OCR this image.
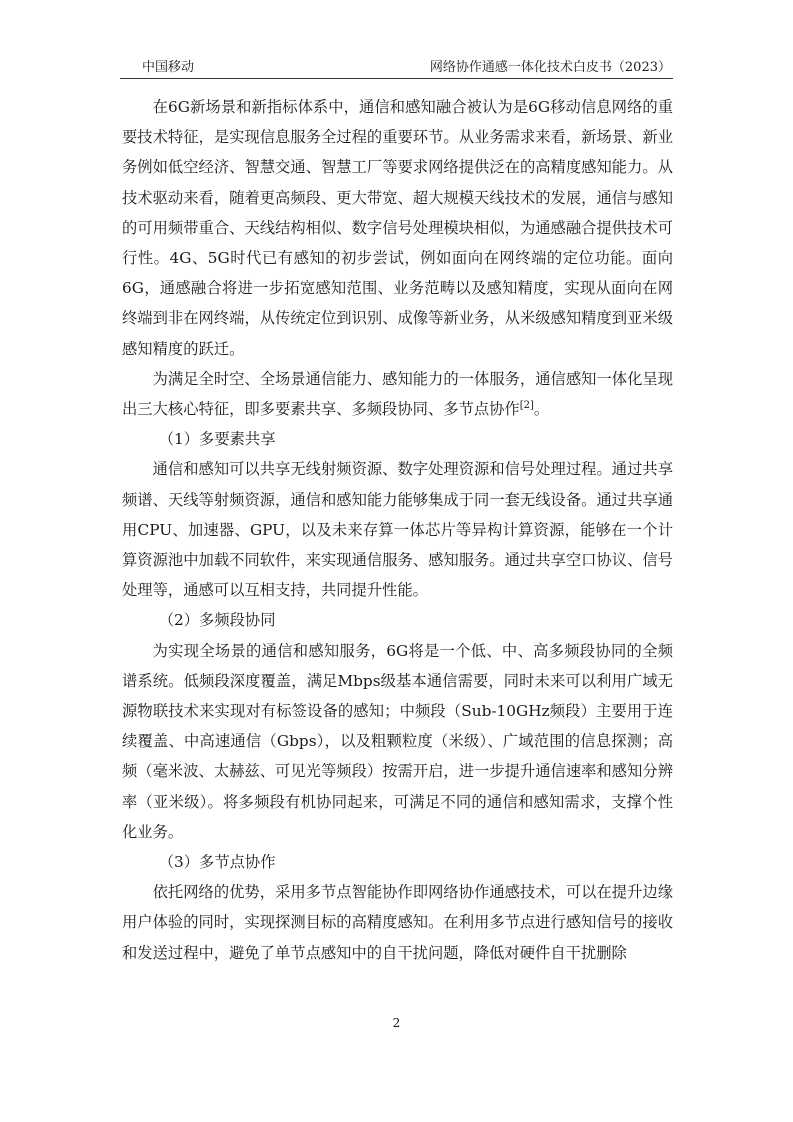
中国移动	网络协作通感一体化技术白皮书（2023）

在6G新场景和新指标体系中，通信和感知融合被认为是6G移动信息网络的重要技术特征，是实现信息服务全过程的重要环节。从业务需求来看，新场景、新业务例如低空经济、智慧交通、智慧工厂等要求网络提供泛在的高精度感知能力。从技术驱动来看，随着更高频段、更大带宽、超大规模天线技术的发展，通信与感知的可用频带重合、天线结构相似、数字信号处理模块相似，为通感融合提供技术可行性。4G、5G时代已有感知的初步尝试，例如面向在网终端的定位功能。面向6G，通感融合将进一步拓宽感知范围、业务范畴以及感知精度，实现从面向在网终端到非在网终端，从传统定位到识别、成像等新业务，从米级感知精度到亚米级感知精度的跃迁。

为满足全时空、全场景通信能力、感知能力的一体服务，通信感知一体化呈现出三大核心特征，即多要素共享、多频段协同、多节点协作[2]。

（1）多要素共享

通信和感知可以共享无线射频资源、数字处理资源和信号处理过程。通过共享频谱、天线等射频资源，通信和感知能力能够集成于同一套无线设备。通过共享通用CPU、加速器、GPU，以及未来存算一体芯片等异构计算资源，能够在一个计算资源池中加载不同软件，来实现通信服务、感知服务。通过共享空口协议、信号处理等，通感可以互相支持，共同提升性能。

（2）多频段协同

为实现全场景的通信和感知服务，6G将是一个低、中、高多频段协同的全频谱系统。低频段深度覆盖，满足Mbps级基本通信需要，同时未来可以利用广域无源物联技术来实现对有标签设备的感知；中频段（Sub-10GHz频段）主要用于连续覆盖、中高速通信（Gbps），以及粗颗粒度（米级）、广域范围的信息探测；高频（毫米波、太赫兹、可见光等频段）按需开启，进一步提升通信速率和感知分辨率（亚米级）。将多频段有机协同起来，可满足不同的通信和感知需求，支撑个性化业务。

（3）多节点协作

依托网络的优势，采用多节点智能协作即网络协作通感技术，可以在提升边缘用户体验的同时，实现探测目标的高精度感知。在利用多节点进行感知信号的接收和发送过程中，避免了单节点感知中的自干扰问题，降低对硬件自干扰删除

2
